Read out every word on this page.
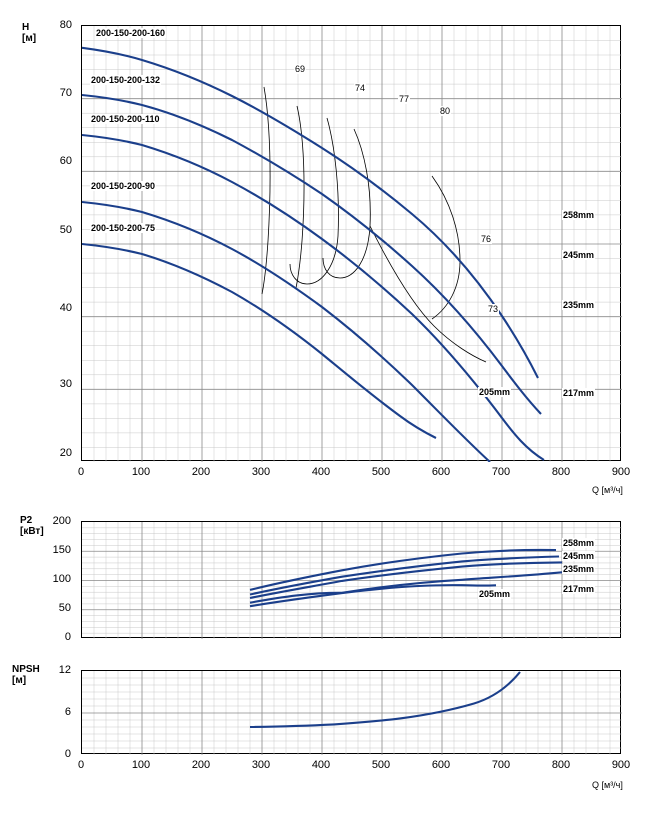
H
[м]
80
70
60
50
40
30
20
200-150-200-160
200-150-200-132
200-150-200-110
200-150-200-90
200-150-200-75
69
74
77
80
76
73
205mm
258mm
245mm
235mm
217mm
0	100	200	300	400	500	600	700	800	900
Q [м³/ч]
P2
[кВт]
200
150
100
50
0
205mm
258mm
245mm
235mm
217mm
NPSH
[м]
12
6
0
0	100	200	300	400	500	600	700	800	900
Q [м³/ч]
